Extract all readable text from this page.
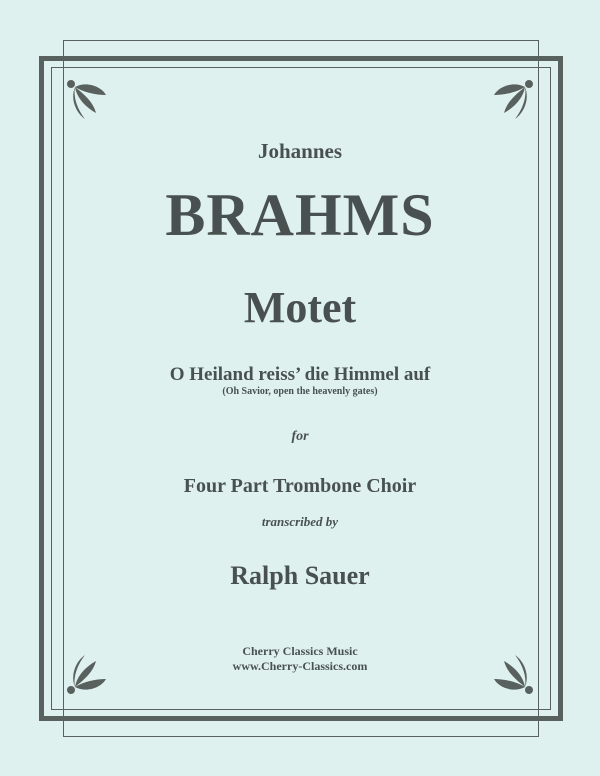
Johannes
BRAHMS
Motet
O Heiland reiss’ die Himmel auf
(Oh Savior, open the heavenly gates)
for
Four Part Trombone Choir
transcribed by
Ralph Sauer
Cherry Classics Music
www.Cherry-Classics.com
